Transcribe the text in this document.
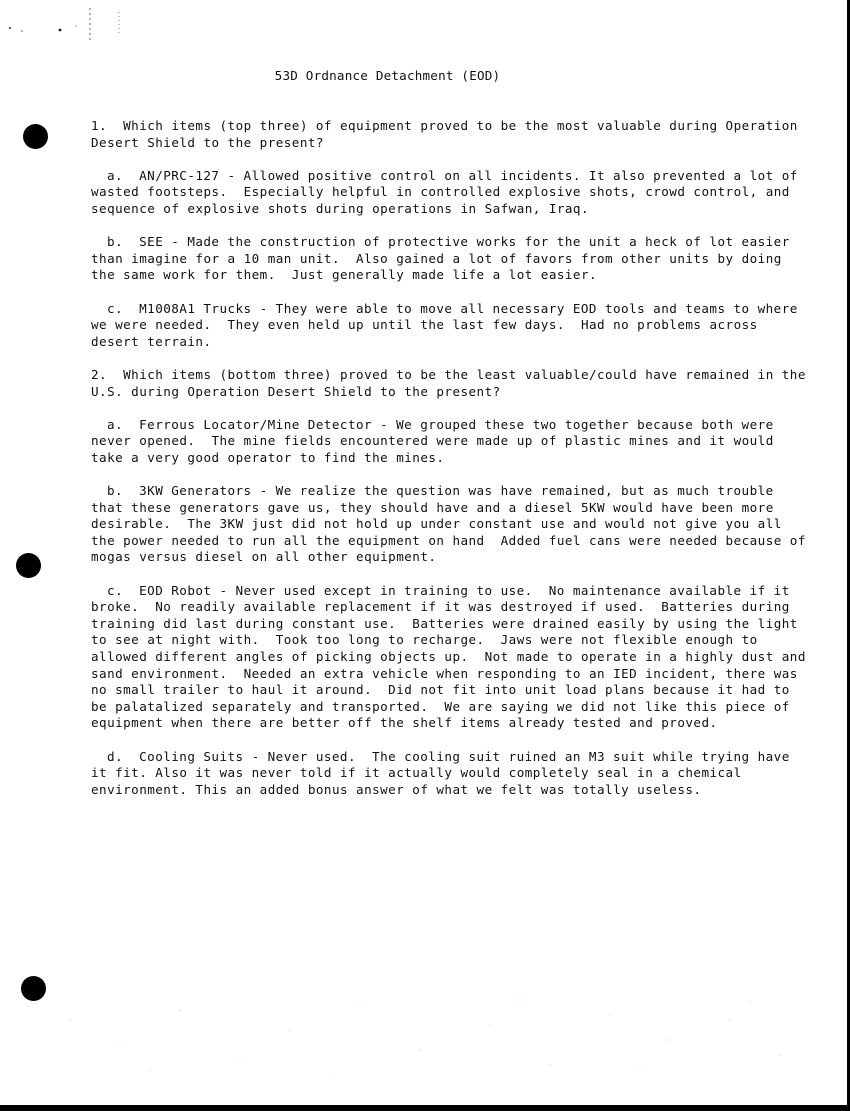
53D Ordnance Detachment (EOD)

1.  Which items (top three) of equipment proved to be the most valuable during Operation Desert Shield to the present?

a.  AN/PRC-127 - Allowed positive control on all incidents. It also prevented a lot of wasted footsteps.  Especially helpful in controlled explosive shots, crowd control, and sequence of explosive shots during operations in Safwan, Iraq.

b.  SEE - Made the construction of protective works for the unit a heck of lot easier than imagine for a 10 man unit.  Also gained a lot of favors from other units by doing the same work for them.  Just generally made life a lot easier.

c.  M1008A1 Trucks - They were able to move all necessary EOD tools and teams to where we were needed.  They even held up until the last few days.  Had no problems across desert terrain.

2.  Which items (bottom three) proved to be the least valuable/could have remained in the U.S. during Operation Desert Shield to the present?

a.  Ferrous Locator/Mine Detector - We grouped these two together because both were never opened.  The mine fields encountered were made up of plastic mines and it would take a very good operator to find the mines.

b.  3KW Generators - We realize the question was have remained, but as much trouble that these generators gave us, they should have and a diesel 5KW would have been more desirable.  The 3KW just did not hold up under constant use and would not give you all the power needed to run all the equipment on hand  Added fuel cans were needed because of mogas versus diesel on all other equipment.

c.  EOD Robot - Never used except in training to use.  No maintenance available if it broke.  No readily available replacement if it was destroyed if used.  Batteries during training did last during constant use.  Batteries were drained easily by using the light to see at night with.  Took too long to recharge.  Jaws were not flexible enough to allowed different angles of picking objects up.  Not made to operate in a highly dust and sand environment.  Needed an extra vehicle when responding to an IED incident, there was no small trailer to haul it around.  Did not fit into unit load plans because it had to be palatalized separately and transported.  We are saying we did not like this piece of equipment when there are better off the shelf items already tested and proved.

d.  Cooling Suits - Never used.  The cooling suit ruined an M3 suit while trying have it fit. Also it was never told if it actually would completely seal in a chemical environment. This an added bonus answer of what we felt was totally useless.
